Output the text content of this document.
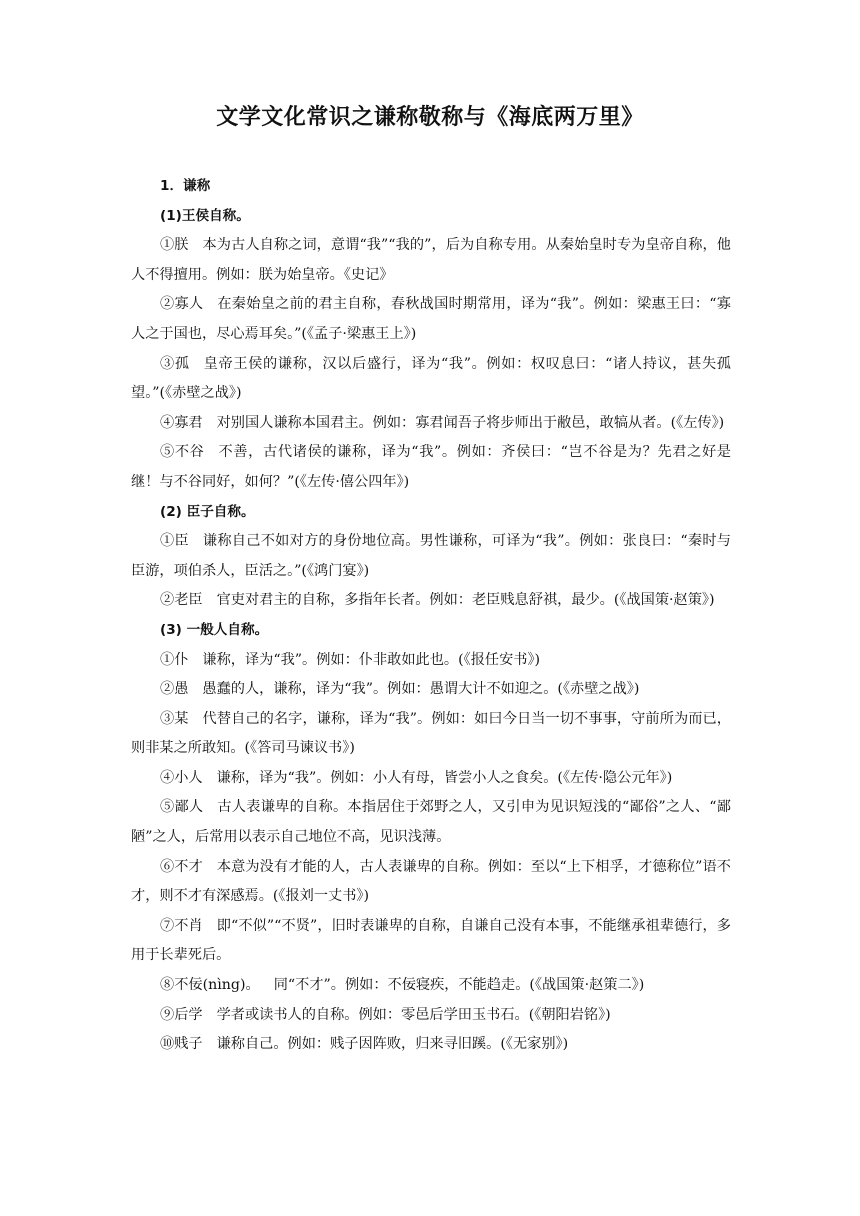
文学文化常识之谦称敬称与《海底两万里》

1．谦称

(1)王侯自称。

①朕 本为古人自称之词，意谓“我”“我的”，后为自称专用。从秦始皇时专为皇帝自称，他人不得擅用。例如：朕为始皇帝。《史记》

②寡人 在秦始皇之前的君主自称，春秋战国时期常用，译为“我”。例如：梁惠王曰：“寡人之于国也，尽心焉耳矣。”(《孟子·梁惠王上》)

③孤 皇帝王侯的谦称，汉以后盛行，译为“我”。例如：权叹息曰：“诸人持议，甚失孤望。”(《赤壁之战》)

④寡君 对别国人谦称本国君主。例如：寡君闻吾子将步师出于敝邑，敢犒从者。(《左传》)

⑤不谷 不善，古代诸侯的谦称，译为“我”。例如：齐侯曰：“岂不谷是为？先君之好是继！与不谷同好，如何？”(《左传·僖公四年》)

(2) 臣子自称。

①臣 谦称自己不如对方的身份地位高。男性谦称，可译为“我”。例如：张良曰：“秦时与臣游，项伯杀人，臣活之。”(《鸿门宴》)

②老臣 官吏对君主的自称，多指年长者。例如：老臣贱息舒祺，最少。(《战国策·赵策》)

(3) 一般人自称。

①仆 谦称，译为“我”。例如：仆非敢如此也。(《报任安书》)

②愚 愚蠢的人，谦称，译为“我”。例如：愚谓大计不如迎之。(《赤壁之战》)

③某 代替自己的名字，谦称，译为“我”。例如：如曰今日当一切不事事，守前所为而已，则非某之所敢知。(《答司马谏议书》)

④小人 谦称，译为“我”。例如：小人有母，皆尝小人之食矣。(《左传·隐公元年》)

⑤鄙人 古人表谦卑的自称。本指居住于郊野之人，又引申为见识短浅的“鄙俗”之人、“鄙陋”之人，后常用以表示自己地位不高，见识浅薄。

⑥不才 本意为没有才能的人，古人表谦卑的自称。例如：至以“上下相孚，才德称位”语不才，则不才有深感焉。(《报刘一丈书》)

⑦不肖 即“不似”“不贤”，旧时表谦卑的自称，自谦自己没有本事，不能继承祖辈德行，多用于长辈死后。

⑧不佞(nìng)。 同“不才”。例如：不佞寝疾，不能趋走。(《战国策·赵策二》)

⑨后学 学者或读书人的自称。例如：零邑后学田玉书石。(《朝阳岩铭》)

⑩贱子 谦称自己。例如：贱子因阵败，归来寻旧蹊。(《无家别》)
